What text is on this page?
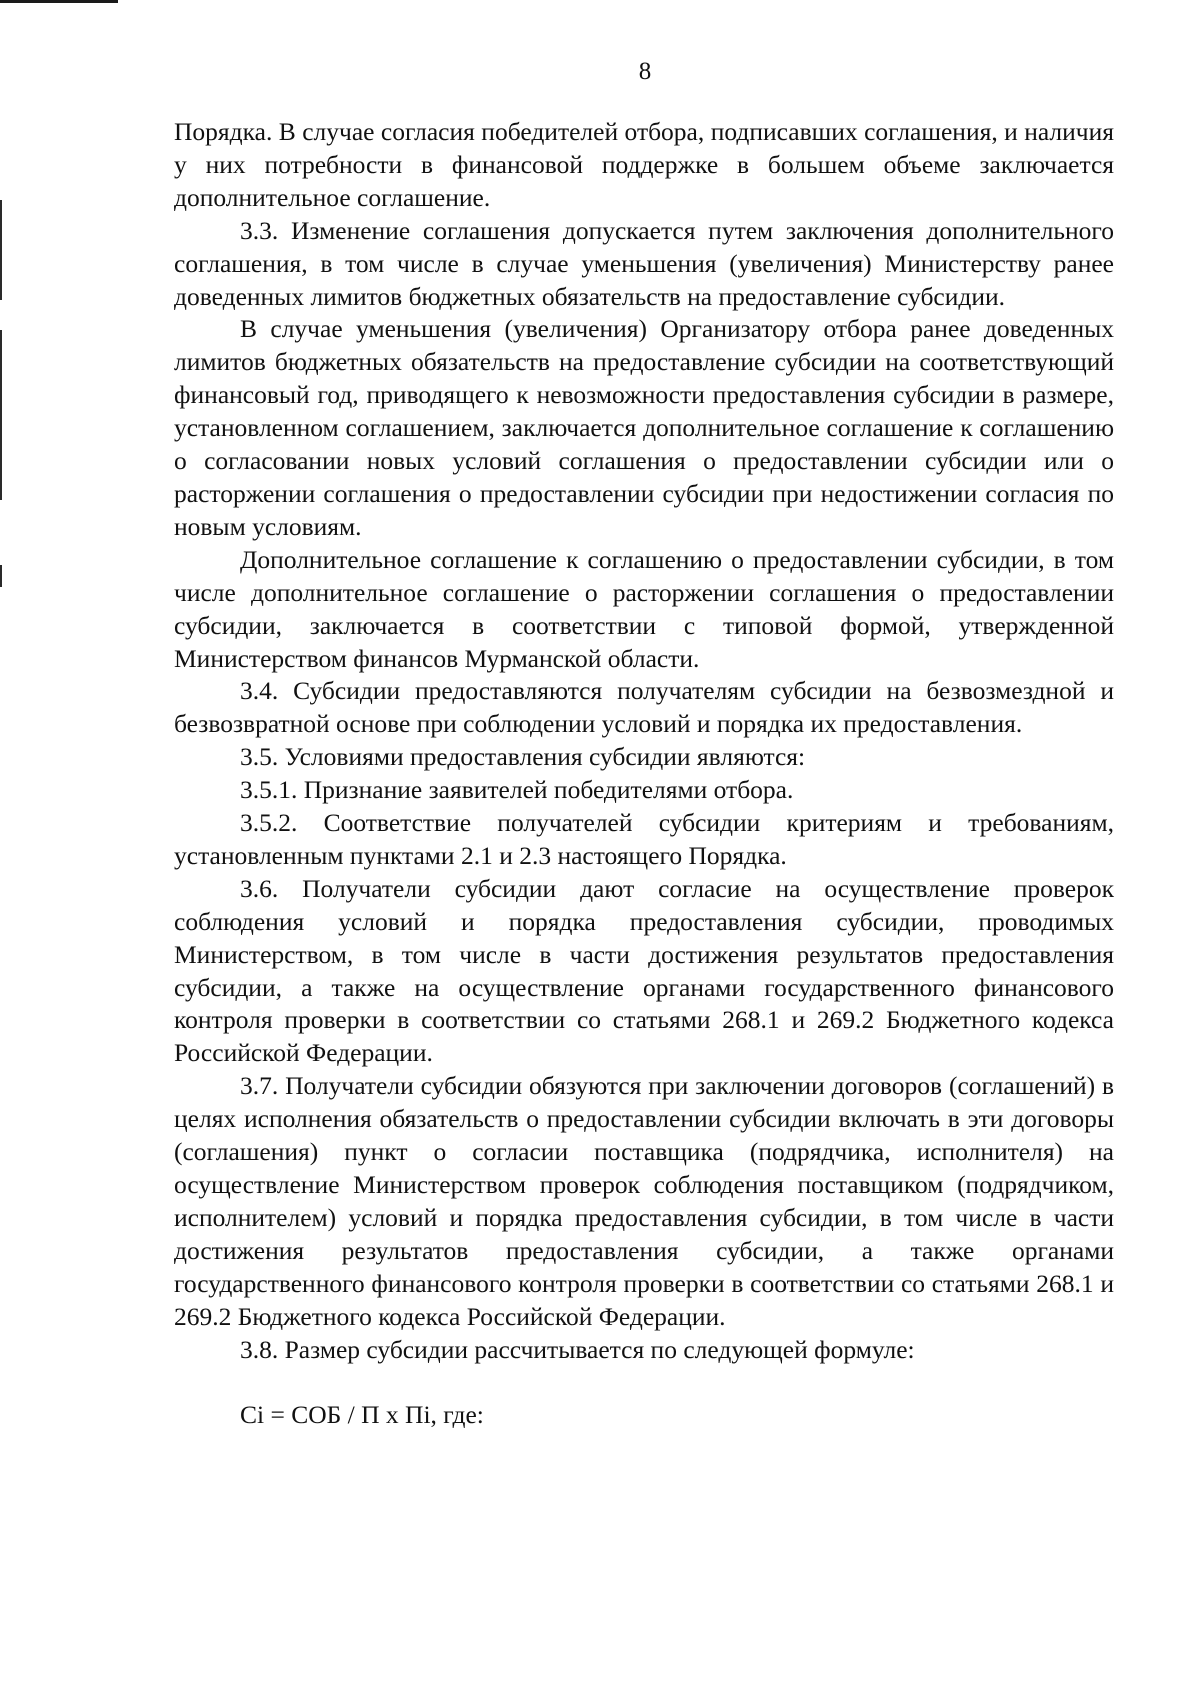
8

Порядка. В случае согласия победителей отбора, подписавших соглашения, и наличия у них потребности в финансовой поддержке в большем объеме заключается дополнительное соглашение.

3.3. Изменение соглашения допускается путем заключения дополнительного соглашения, в том числе в случае уменьшения (увеличения) Министерству ранее доведенных лимитов бюджетных обязательств на предоставление субсидии.

В случае уменьшения (увеличения) Организатору отбора ранее доведенных лимитов бюджетных обязательств на предоставление субсидии на соответствующий финансовый год, приводящего к невозможности предоставления субсидии в размере, установленном соглашением, заключается дополнительное соглашение к соглашению о согласовании новых условий соглашения о предоставлении субсидии или о расторжении соглашения о предоставлении субсидии при недостижении согласия по новым условиям.

Дополнительное соглашение к соглашению о предоставлении субсидии, в том числе дополнительное соглашение о расторжении соглашения о предоставлении субсидии, заключается в соответствии с типовой формой, утвержденной Министерством финансов Мурманской области.

3.4. Субсидии предоставляются получателям субсидии на безвозмездной и безвозвратной основе при соблюдении условий и порядка их предоставления.

3.5. Условиями предоставления субсидии являются:

3.5.1. Признание заявителей победителями отбора.

3.5.2. Соответствие получателей субсидии критериям и требованиям, установленным пунктами 2.1 и 2.3 настоящего Порядка.

3.6. Получатели субсидии дают согласие на осуществление проверок соблюдения условий и порядка предоставления субсидии, проводимых Министерством, в том числе в части достижения результатов предоставления субсидии, а также на осуществление органами государственного финансового контроля проверки в соответствии со статьями 268.1 и 269.2 Бюджетного кодекса Российской Федерации.

3.7. Получатели субсидии обязуются при заключении договоров (соглашений) в целях исполнения обязательств о предоставлении субсидии включать в эти договоры (соглашения) пункт о согласии поставщика (подрядчика, исполнителя) на осуществление Министерством проверок соблюдения поставщиком (подрядчиком, исполнителем) условий и порядка предоставления субсидии, в том числе в части достижения результатов предоставления субсидии, а также органами государственного финансового контроля проверки в соответствии со статьями 268.1 и 269.2 Бюджетного кодекса Российской Федерации.

3.8. Размер субсидии рассчитывается по следующей формуле:

Ci = СОБ / П х Пi, где:
